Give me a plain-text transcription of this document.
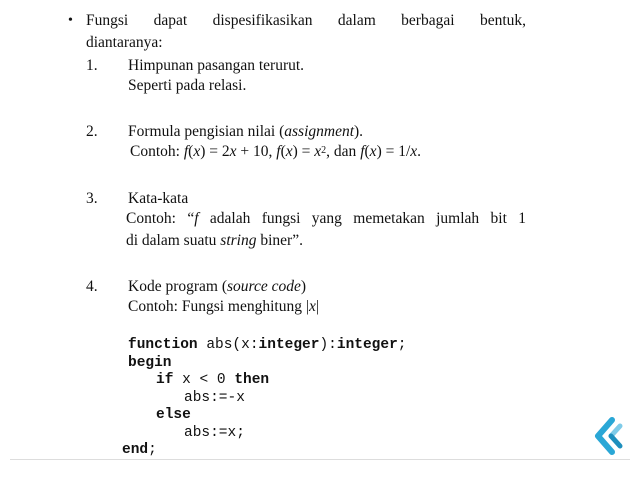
• Fungsi dapat dispesifikasikan dalam berbagai bentuk,
diantaranya:
1. Himpunan pasangan terurut.
Seperti pada relasi.
2. Formula pengisian nilai (assignment).
Contoh: f(x) = 2x + 10, $f(x) = x^2$, dan f(x) = 1/x.
3. Kata-kata
Contoh: “f adalah fungsi yang memetakan jumlah bit 1
di dalam suatu string biner”.
4. Kode program (source code)
Contoh: Fungsi menghitung |x|
function abs(x:integer):integer;
begin
if x < 0 then
abs:=-x
else
abs:=x;
end;
